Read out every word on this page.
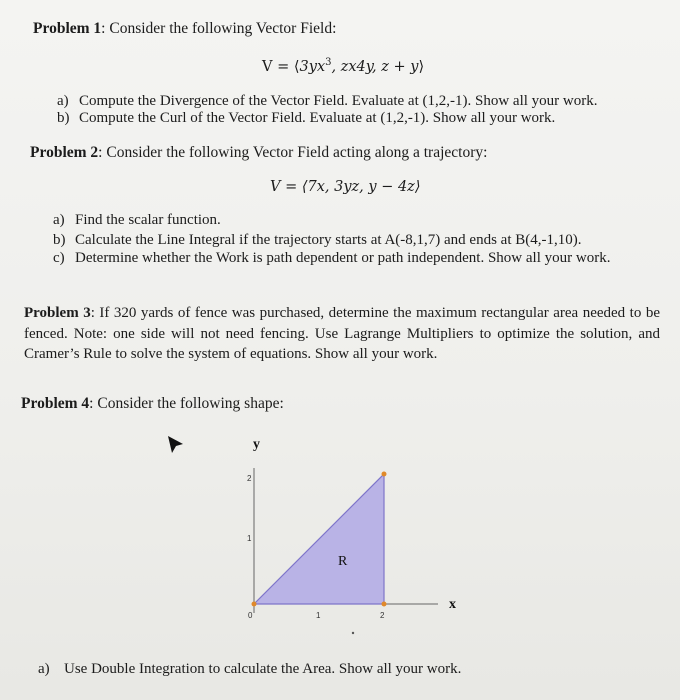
Problem 1: Consider the following Vector Field:
$V = ⟨3yx^3$, zx4y, z + y⟩
a) Compute the Divergence of the Vector Field. Evaluate at (1,2,-1). Show all your work.
b) Compute the Curl of the Vector Field. Evaluate at (1,2,-1). Show all your work.
Problem 2: Consider the following Vector Field acting along a trajectory:
V = ⟨7x, 3yz, y − 4z⟩
a) Find the scalar function.
b) Calculate the Line Integral if the trajectory starts at A(-8,1,7) and ends at B(4,-1,10).
c) Determine whether the Work is path dependent or path independent. Show all your work.
Problem 3: If 320 yards of fence was purchased, determine the maximum rectangular area needed to be fenced. Note: one side will not need fencing. Use Lagrange Multipliers to optimize the solution, and Cramer’s Rule to solve the system of equations. Show all your work.
Problem 4: Consider the following shape:
y
x
R
2
1
0	1	2
a) Use Double Integration to calculate the Area. Show all your work.
